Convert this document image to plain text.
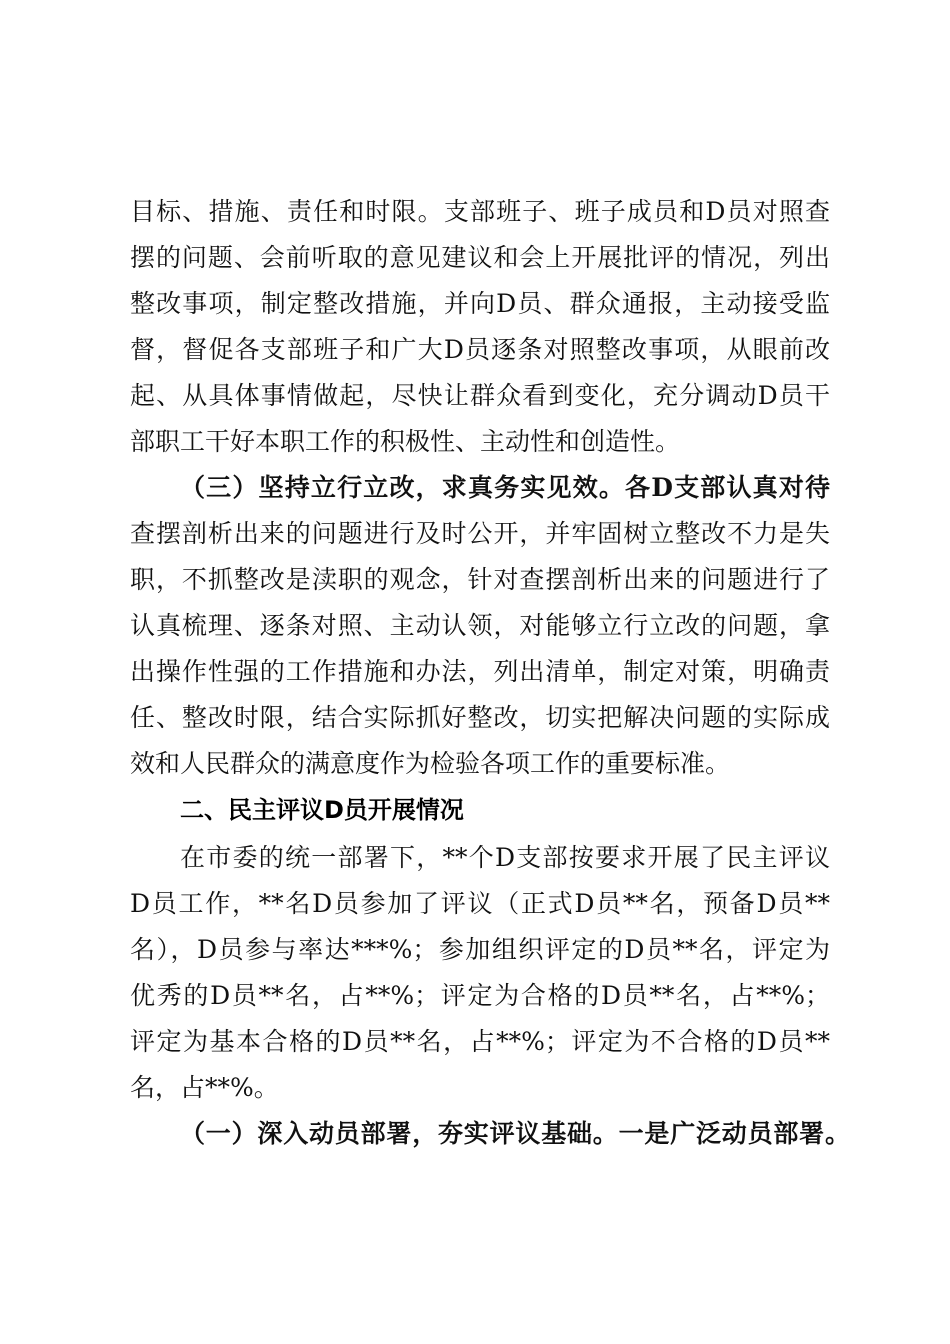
目标、措施、责任和时限。支部班子、班子成员和D员对照查
摆的问题、会前听取的意见建议和会上开展批评的情况，列出
整改事项，制定整改措施，并向D员、群众通报，主动接受监
督，督促各支部班子和广大D员逐条对照整改事项，从眼前改
起、从具体事情做起，尽快让群众看到变化，充分调动D员干
部职工干好本职工作的积极性、主动性和创造性。
（三）坚持立行立改，求真务实见效。各D支部认真对待
查摆剖析出来的问题进行及时公开，并牢固树立整改不力是失
职，不抓整改是渎职的观念，针对查摆剖析出来的问题进行了
认真梳理、逐条对照、主动认领，对能够立行立改的问题，拿
出操作性强的工作措施和办法，列出清单，制定对策，明确责
任、整改时限，结合实际抓好整改，切实把解决问题的实际成
效和人民群众的满意度作为检验各项工作的重要标准。
二、民主评议D员开展情况
在市委的统一部署下，**个D支部按要求开展了民主评议
D员工作，**名D员参加了评议（正式D员**名，预备D员**
名），D员参与率达***%；参加组织评定的D员**名，评定为
优秀的D员**名，占**%；评定为合格的D员**名，占**%；
评定为基本合格的D员**名，占**%；评定为不合格的D员**
名，占**%。
（一）深入动员部署，夯实评议基础。一是广泛动员部署。
